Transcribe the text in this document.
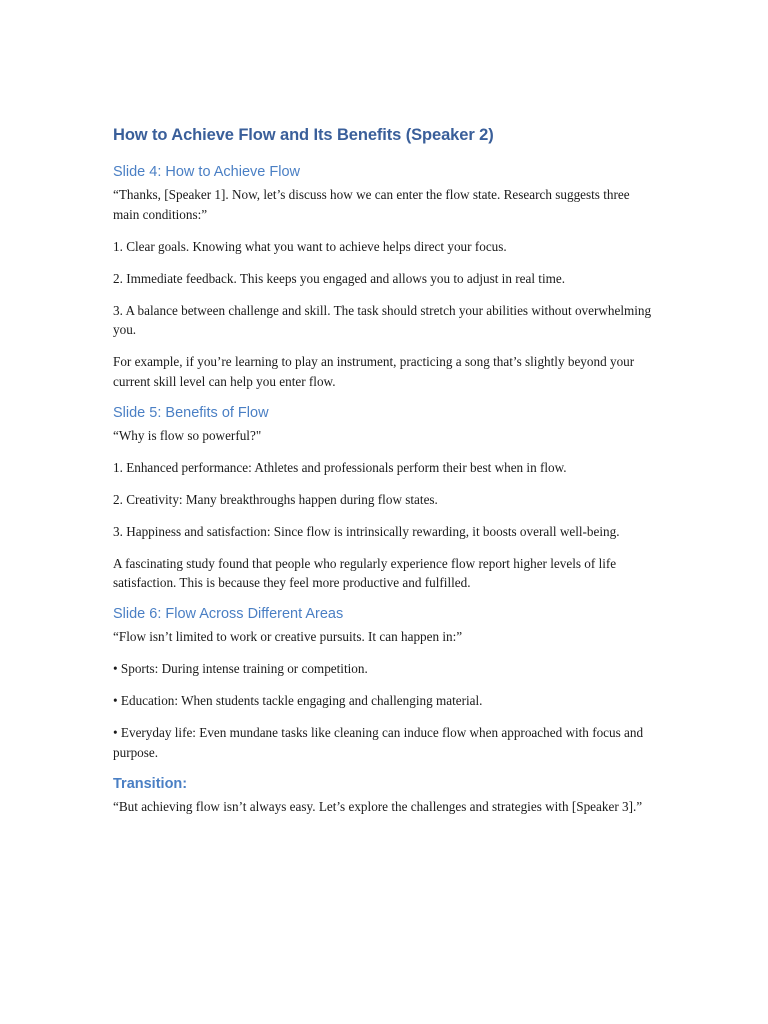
How to Achieve Flow and Its Benefits (Speaker 2)
Slide 4: How to Achieve Flow

“Thanks, [Speaker 1]. Now, let’s discuss how we can enter the flow state. Research suggests three main conditions:”

1. Clear goals. Knowing what you want to achieve helps direct your focus.

2. Immediate feedback. This keeps you engaged and allows you to adjust in real time.

3. A balance between challenge and skill. The task should stretch your abilities without overwhelming you.

For example, if you’re learning to play an instrument, practicing a song that’s slightly beyond your current skill level can help you enter flow.

Slide 5: Benefits of Flow

“Why is flow so powerful?"

1. Enhanced performance: Athletes and professionals perform their best when in flow.

2. Creativity: Many breakthroughs happen during flow states.

3. Happiness and satisfaction: Since flow is intrinsically rewarding, it boosts overall well-being.

A fascinating study found that people who regularly experience flow report higher levels of life satisfaction. This is because they feel more productive and fulfilled.

Slide 6: Flow Across Different Areas

“Flow isn’t limited to work or creative pursuits. It can happen in:”

• Sports: During intense training or competition.

• Education: When students tackle engaging and challenging material.

• Everyday life: Even mundane tasks like cleaning can induce flow when approached with focus and purpose.

Transition:

“But achieving flow isn’t always easy. Let’s explore the challenges and strategies with [Speaker 3].”
